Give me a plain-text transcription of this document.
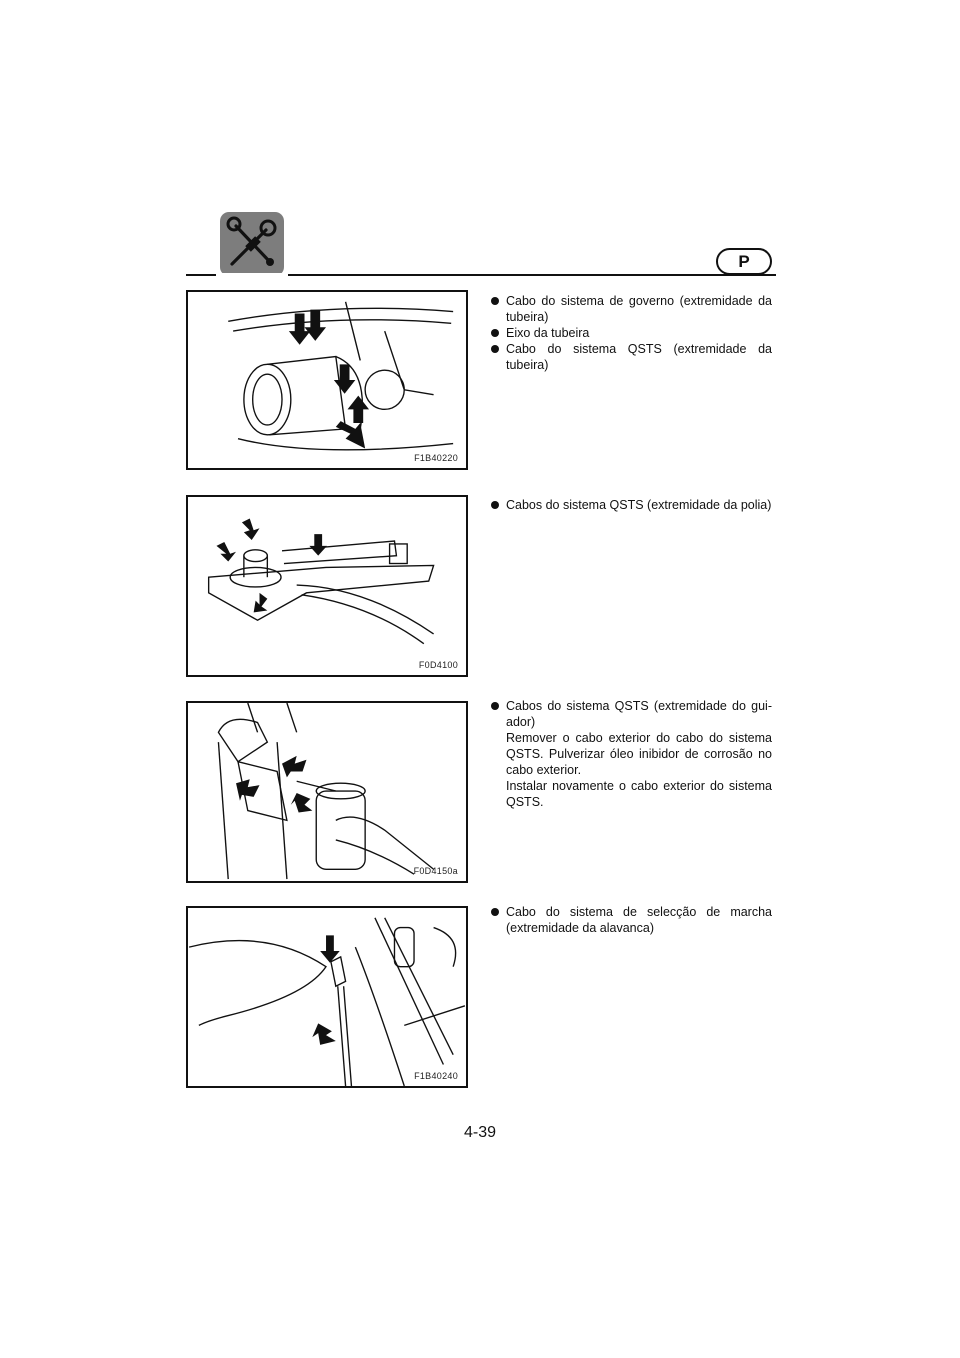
P
F1B40220
Cabo do sistema de governo (extremidade da tubeira)
Eixo da tubeira
Cabo do sistema QSTS (extremidade da tubeira)
F0D4100
Cabos do sistema QSTS (extremidade da polia)
F0D4150a
Cabos do sistema QSTS (extremidade do gui-ador)
Remover o cabo exterior do cabo do sistema QSTS. Pulverizar óleo inibidor de corrosão no cabo exterior.
Instalar novamente o cabo exterior do sistema QSTS.
F1B40240
Cabo do sistema de selecção de marcha (extremidade da alavanca)
4-39
